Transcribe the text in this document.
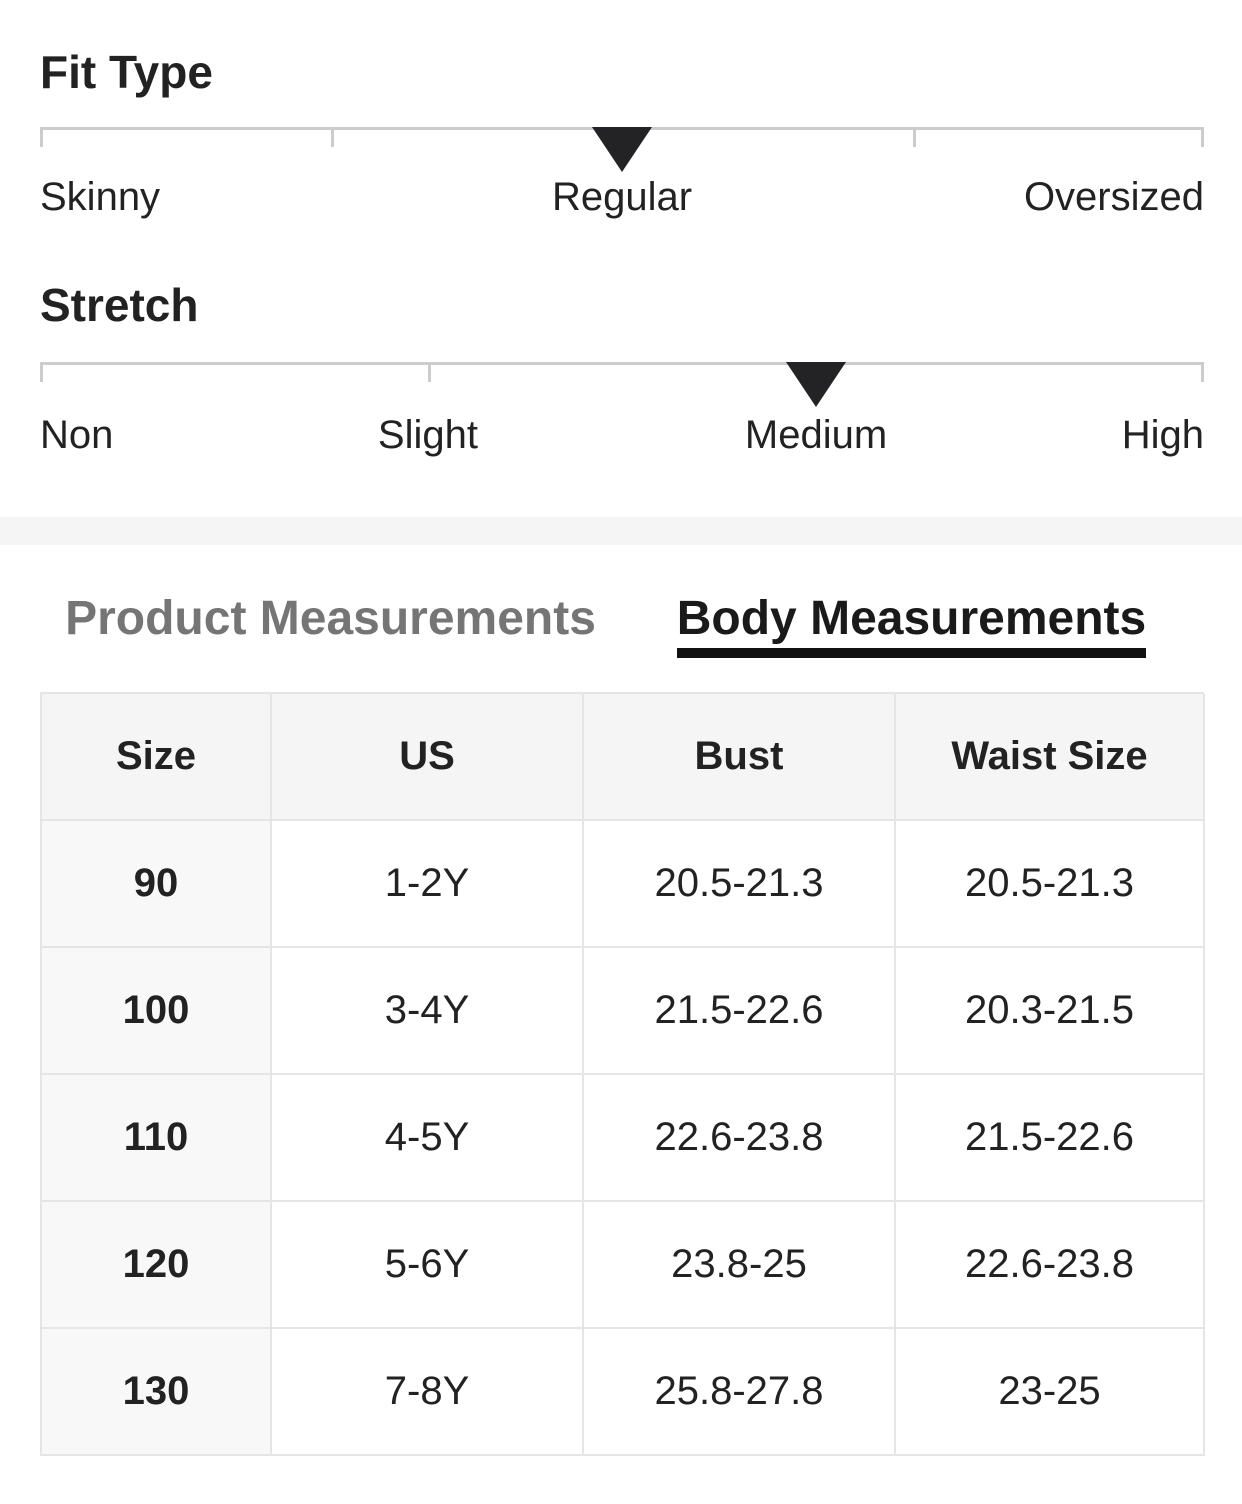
Fit Type
Skinny	Regular	Oversized
Stretch
Non	Slight	Medium	High
Product Measurements	Body Measurements
Size	US	Bust	Waist Size
90	1-2Y	20.5-21.3	20.5-21.3
100	3-4Y	21.5-22.6	20.3-21.5
110	4-5Y	22.6-23.8	21.5-22.6
120	5-6Y	23.8-25	22.6-23.8
130	7-8Y	25.8-27.8	23-25
